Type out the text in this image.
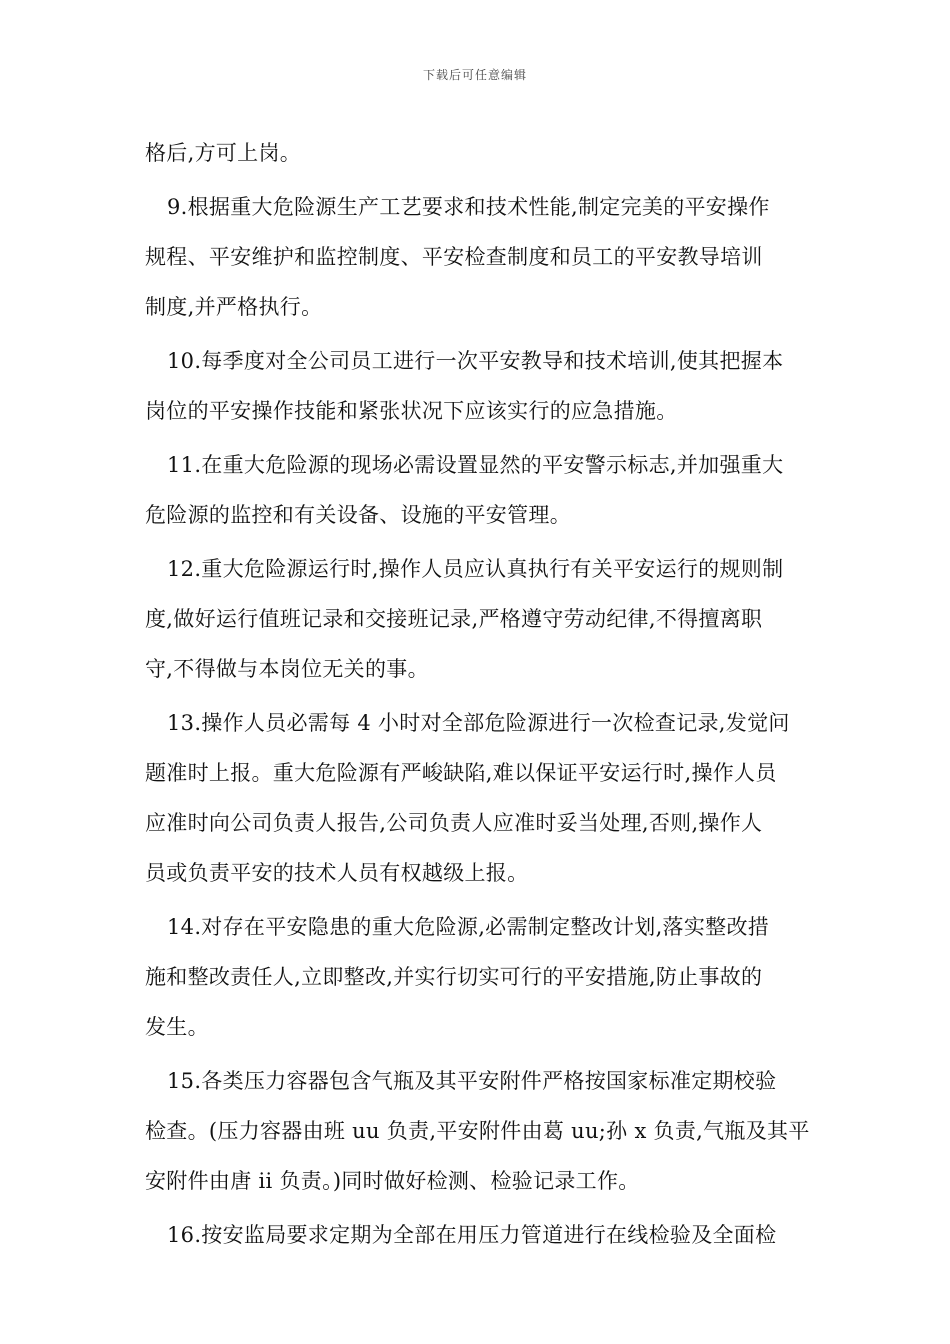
下载后可任意编辑
格后,方可上岗。
9.根据重大危险源生产工艺要求和技术性能,制定完美的平安操作
规程、平安维护和监控制度、平安检查制度和员工的平安教导培训
制度,并严格执行。
10.每季度对全公司员工进行一次平安教导和技术培训,使其把握本
岗位的平安操作技能和紧张状况下应该实行的应急措施。
11.在重大危险源的现场必需设置显然的平安警示标志,并加强重大
危险源的监控和有关设备、设施的平安管理。
12.重大危险源运行时,操作人员应认真执行有关平安运行的规则制
度,做好运行值班记录和交接班记录,严格遵守劳动纪律,不得擅离职
守,不得做与本岗位无关的事。
13.操作人员必需每 4 小时对全部危险源进行一次检查记录,发觉问
题准时上报。重大危险源有严峻缺陷,难以保证平安运行时,操作人员
应准时向公司负责人报告,公司负责人应准时妥当处理,否则,操作人
员或负责平安的技术人员有权越级上报。
14.对存在平安隐患的重大危险源,必需制定整改计划,落实整改措
施和整改责任人,立即整改,并实行切实可行的平安措施,防止事故的
发生。
15.各类压力容器包含气瓶及其平安附件严格按国家标准定期校验
检查。(压力容器由班 uu 负责,平安附件由葛 uu;孙 x 负责,气瓶及其平
安附件由唐 ii 负责。)同时做好检测、检验记录工作。
16.按安监局要求定期为全部在用压力管道进行在线检验及全面检
